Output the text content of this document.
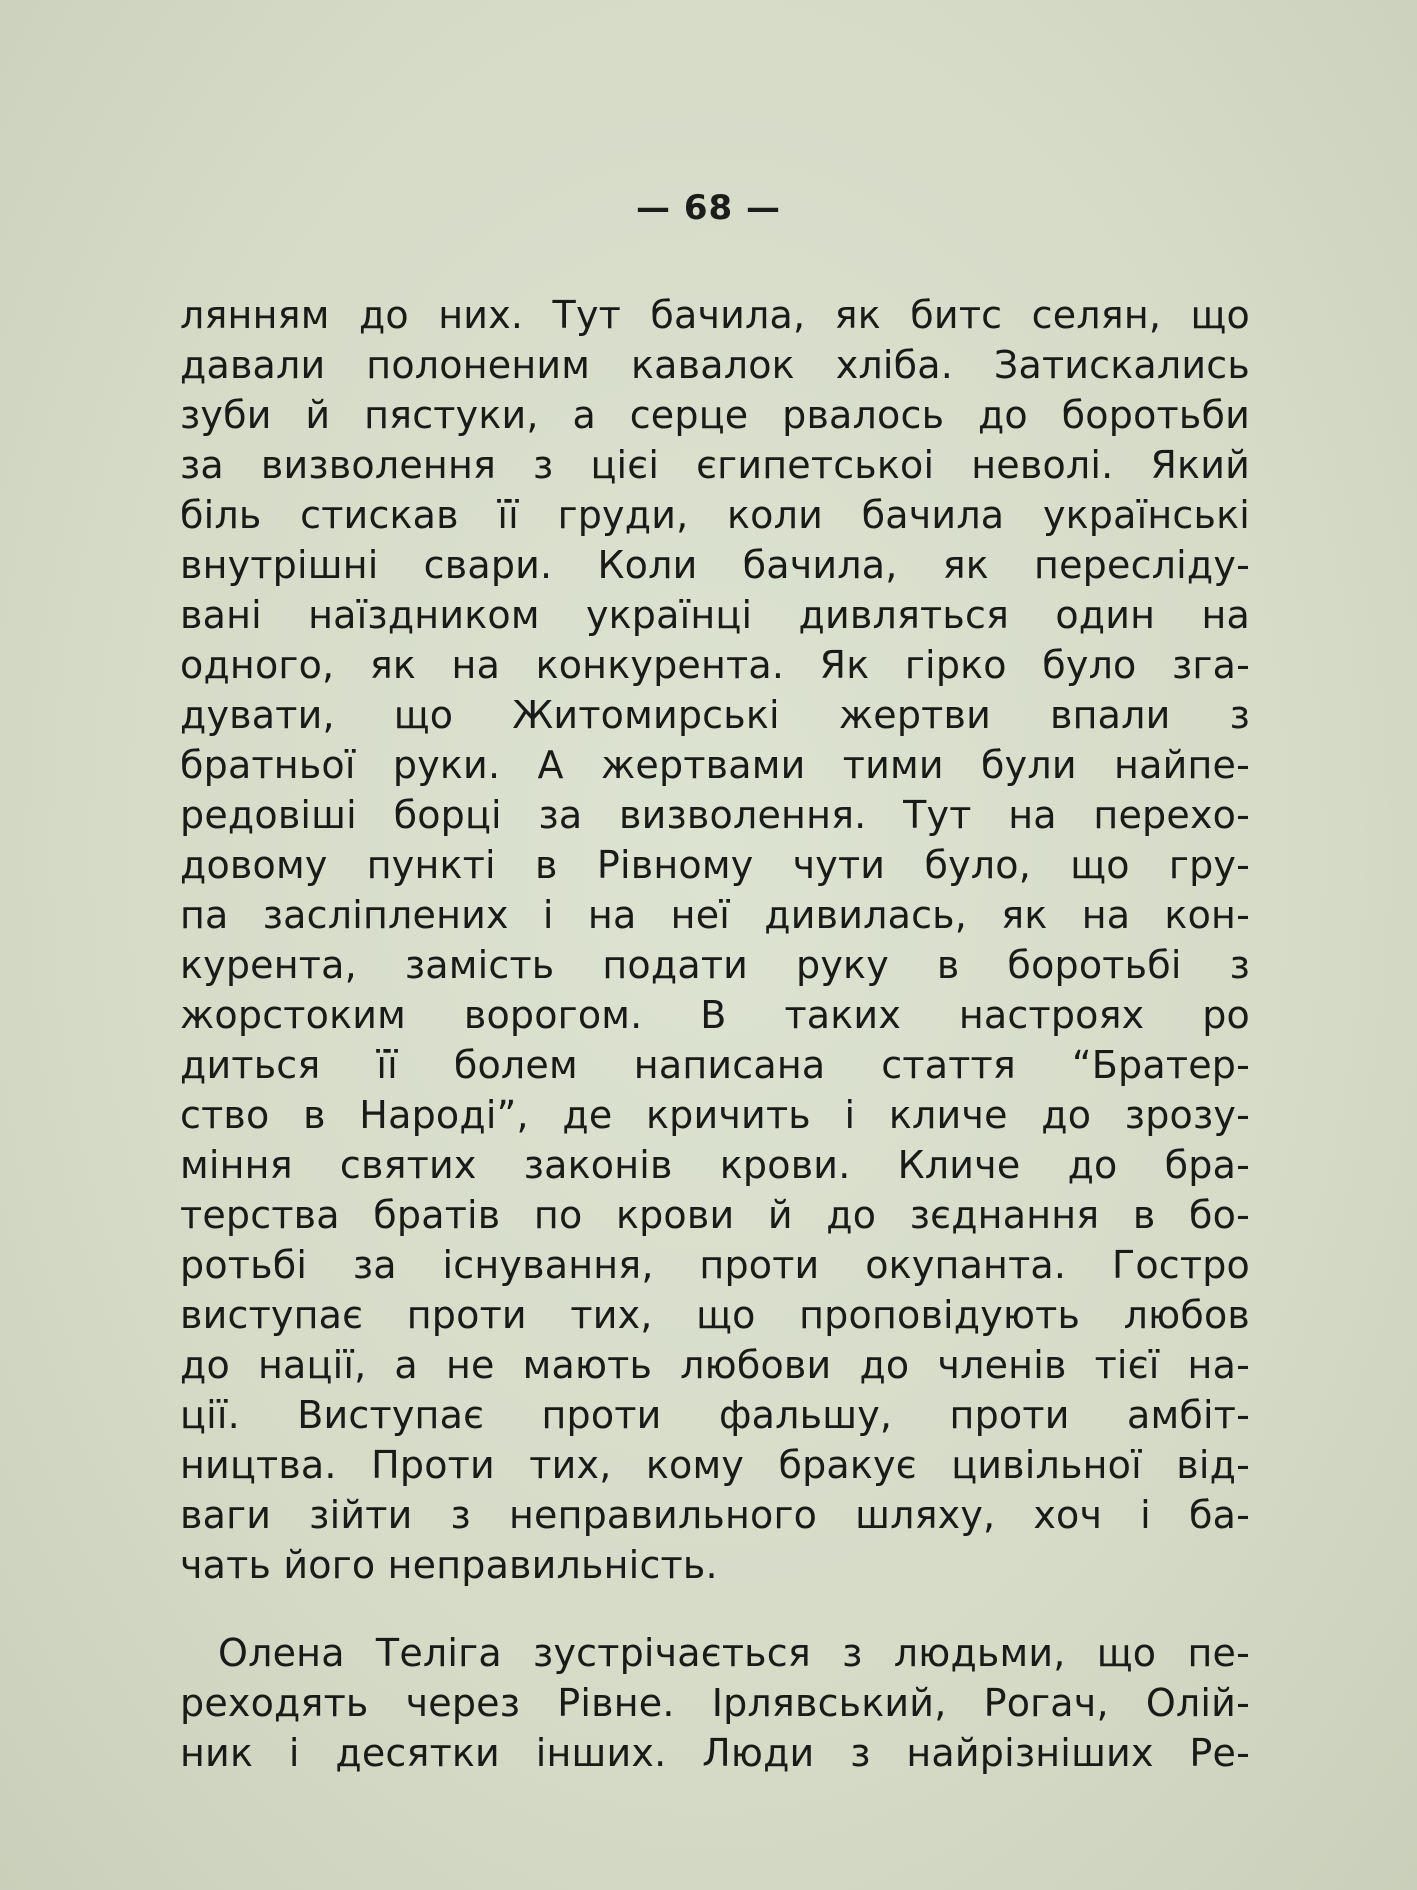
— 68 —
лянням до них. Тут бачила, як битс селян, що
давали полоненим кавалок хліба. Затискались
зуби й пястуки, а серце рвалось до боротьби
за визволення з цієі єгипетськоі неволі. Який
біль стискав її груди, коли бачила українські
внутрішні свари. Коли бачила, як пересліду-
вані наїздником українці дивляться один на
одного, як на конкурента. Як гірко було зга-
дувати, що Житомирські жертви впали з
братньої руки. А жертвами тими були найпе-
редовіші борці за визволення. Тут на перехо-
довому пункті в Рівному чути було, що гру-
па засліплених і на неї дивилась, як на кон-
курента, замість подати руку в боротьбі з
жорстоким ворогом. В таких настроях ро
диться її болем написана стаття “Братер-
ство в Народі”, де кричить і кличе до зрозу-
міння святих законів крови. Кличе до бра-
терства братів по крови й до зєднання в бо-
ротьбі за існування, проти окупанта. Гостро
виступає проти тих, що проповідують любов
до нації, а не мають любови до членів тієї на-
ції. Виступає проти фальшу, проти амбіт-
ництва. Проти тих, кому бракує цивільної від-
ваги зійти з неправильного шляху, хоч і ба-
чать його неправильність.
Олена Теліга зустрічається з людьми, що пе-
реходять через Рівне. Ірлявський, Рогач, Олій-
ник і десятки інших. Люди з найрізніших Ре-
